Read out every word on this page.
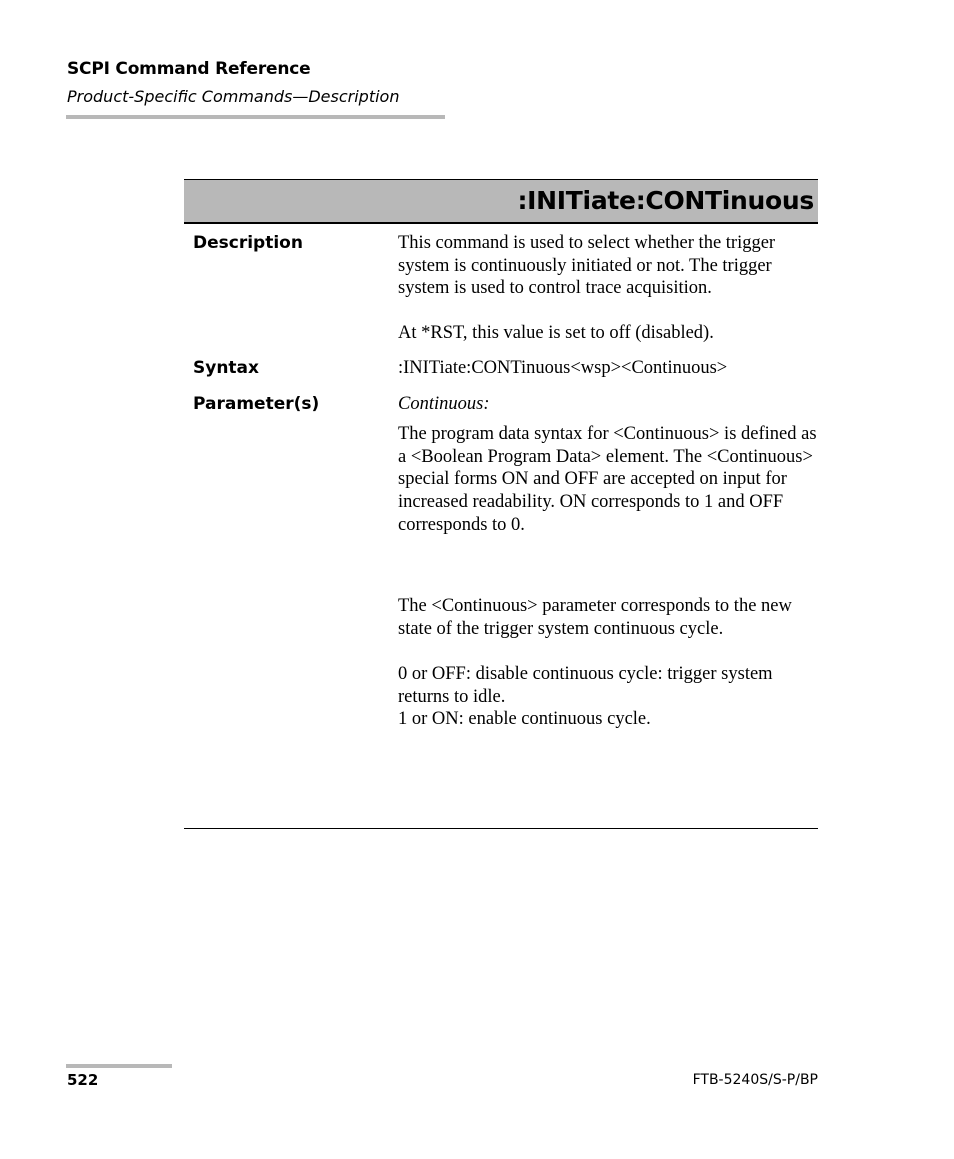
SCPI Command Reference
Product-Specific Commands—Description
:INITiate:CONTinuous
Description	This command is used to select whether the trigger system is continuously initiated or not. The trigger system is used to control trace acquisition.

At *RST, this value is set to off (disabled).

Syntax	:INITiate:CONTinuous<wsp><Continuous>

Parameter(s)	Continuous:

The program data syntax for <Continuous> is defined as a <Boolean Program Data> element. The <Continuous> special forms ON and OFF are accepted on input for increased readability. ON corresponds to 1 and OFF corresponds to 0.

The <Continuous> parameter corresponds to the new state of the trigger system continuous cycle.

0 or OFF: disable continuous cycle: trigger system returns to idle.

1 or ON: enable continuous cycle.

522	FTB-5240S/S-P/BP
